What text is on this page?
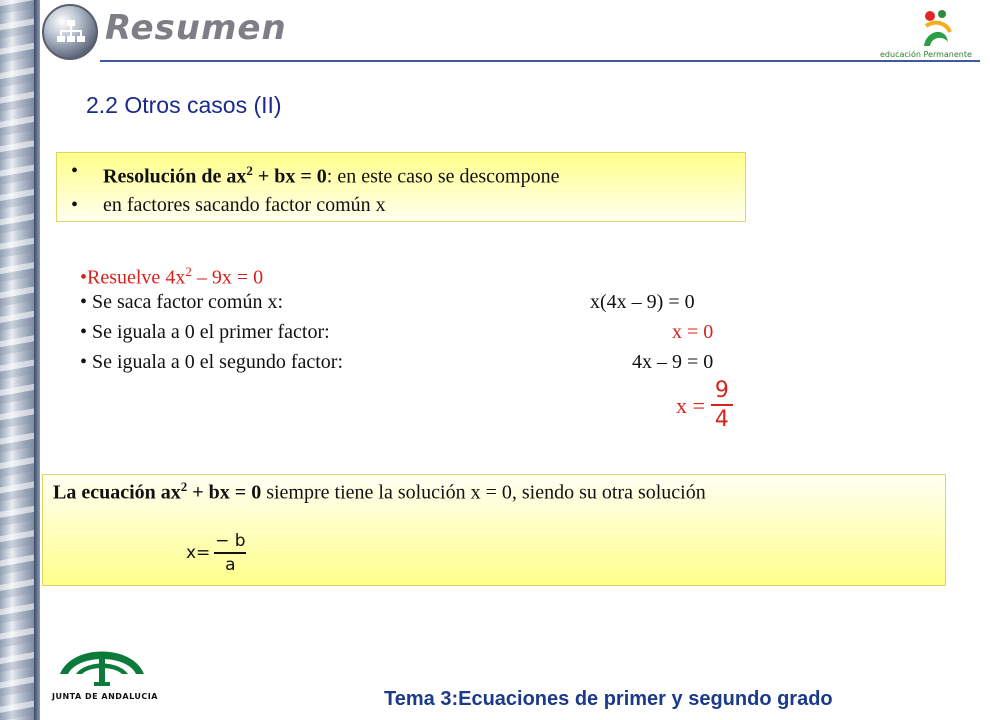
Resumen
educación Permanente
2.2 Otros casos (II)
• Resolución de $ax^2$ + bx = 0: en este caso se descompone
• en factores sacando factor común x
•Resuelve $4x^2 - 9x = 0$
• Se saca factor común x:	x(4x – 9) = 0
• Se iguala a 0 el primer factor:	x = 0
• Se iguala a 0 el segundo factor:	4x – 9 = 0
$x = \frac{9}{4}$
La ecuación $ax^2$ + bx = 0 siempre tiene la solución x = 0, siendo su otra solución
$x= \frac{- b}{a}$
JUNTA DE ANDALUCIA	Tema 3:Ecuaciones de primer y segundo grado
